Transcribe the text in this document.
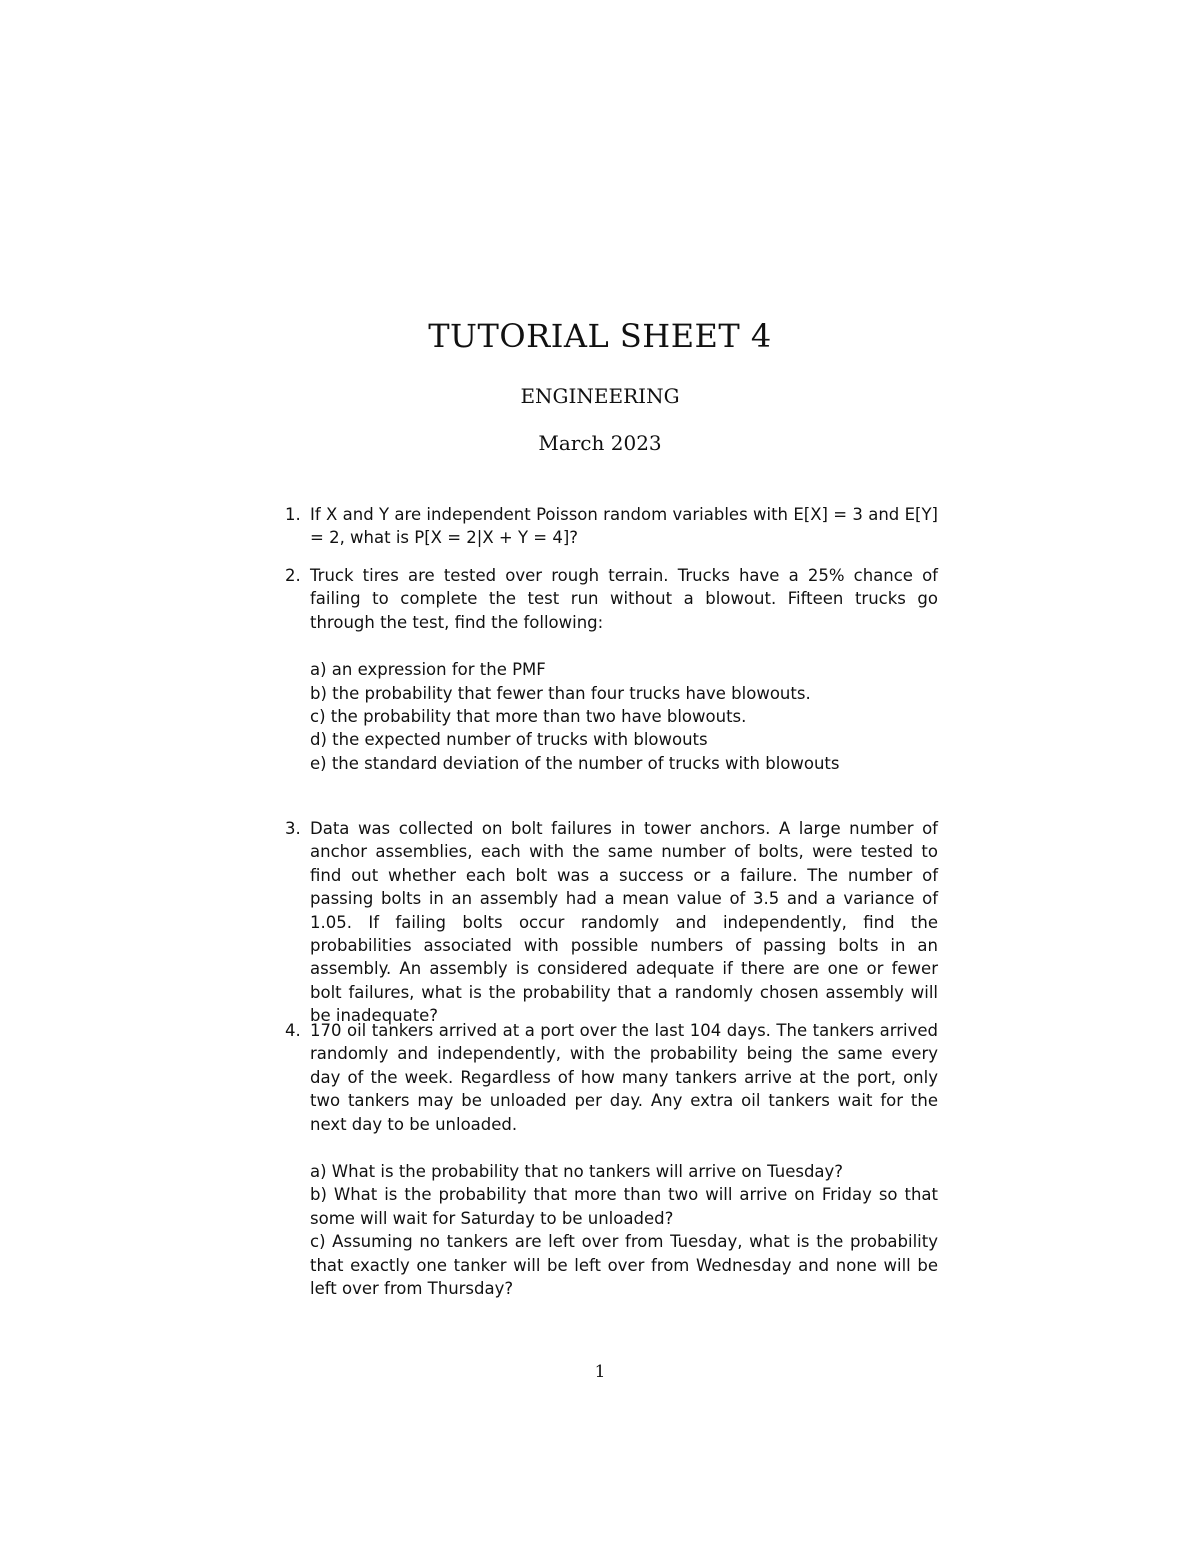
TUTORIAL SHEET 4
ENGINEERING
March 2023
1. If X and Y are independent Poisson random variables with E[X] = 3 and E[Y] = 2, what is P[X = 2|X + Y = 4]?

2. Truck tires are tested over rough terrain. Trucks have a 25% chance of failing to complete the test run without a blowout. Fifteen trucks go through the test, find the following:

a) an expression for the PMF

b) the probability that fewer than four trucks have blowouts.

c) the probability that more than two have blowouts.

d) the expected number of trucks with blowouts

e) the standard deviation of the number of trucks with blowouts

3. Data was collected on bolt failures in tower anchors. A large number of anchor assemblies, each with the same number of bolts, were tested to find out whether each bolt was a success or a failure. The number of passing bolts in an assembly had a mean value of 3.5 and a variance of 1.05. If failing bolts occur randomly and independently, find the probabilities associated with possible numbers of passing bolts in an assembly. An assembly is considered adequate if there are one or fewer bolt failures, what is the probability that a randomly chosen assembly will be inadequate?

4. 170 oil tankers arrived at a port over the last 104 days. The tankers arrived randomly and independently, with the probability being the same every day of the week. Regardless of how many tankers arrive at the port, only two tankers may be unloaded per day. Any extra oil tankers wait for the next day to be unloaded.

a) What is the probability that no tankers will arrive on Tuesday?

b) What is the probability that more than two will arrive on Friday so that some will wait for Saturday to be unloaded?

c) Assuming no tankers are left over from Tuesday, what is the probability that exactly one tanker will be left over from Wednesday and none will be left over from Thursday?

1
